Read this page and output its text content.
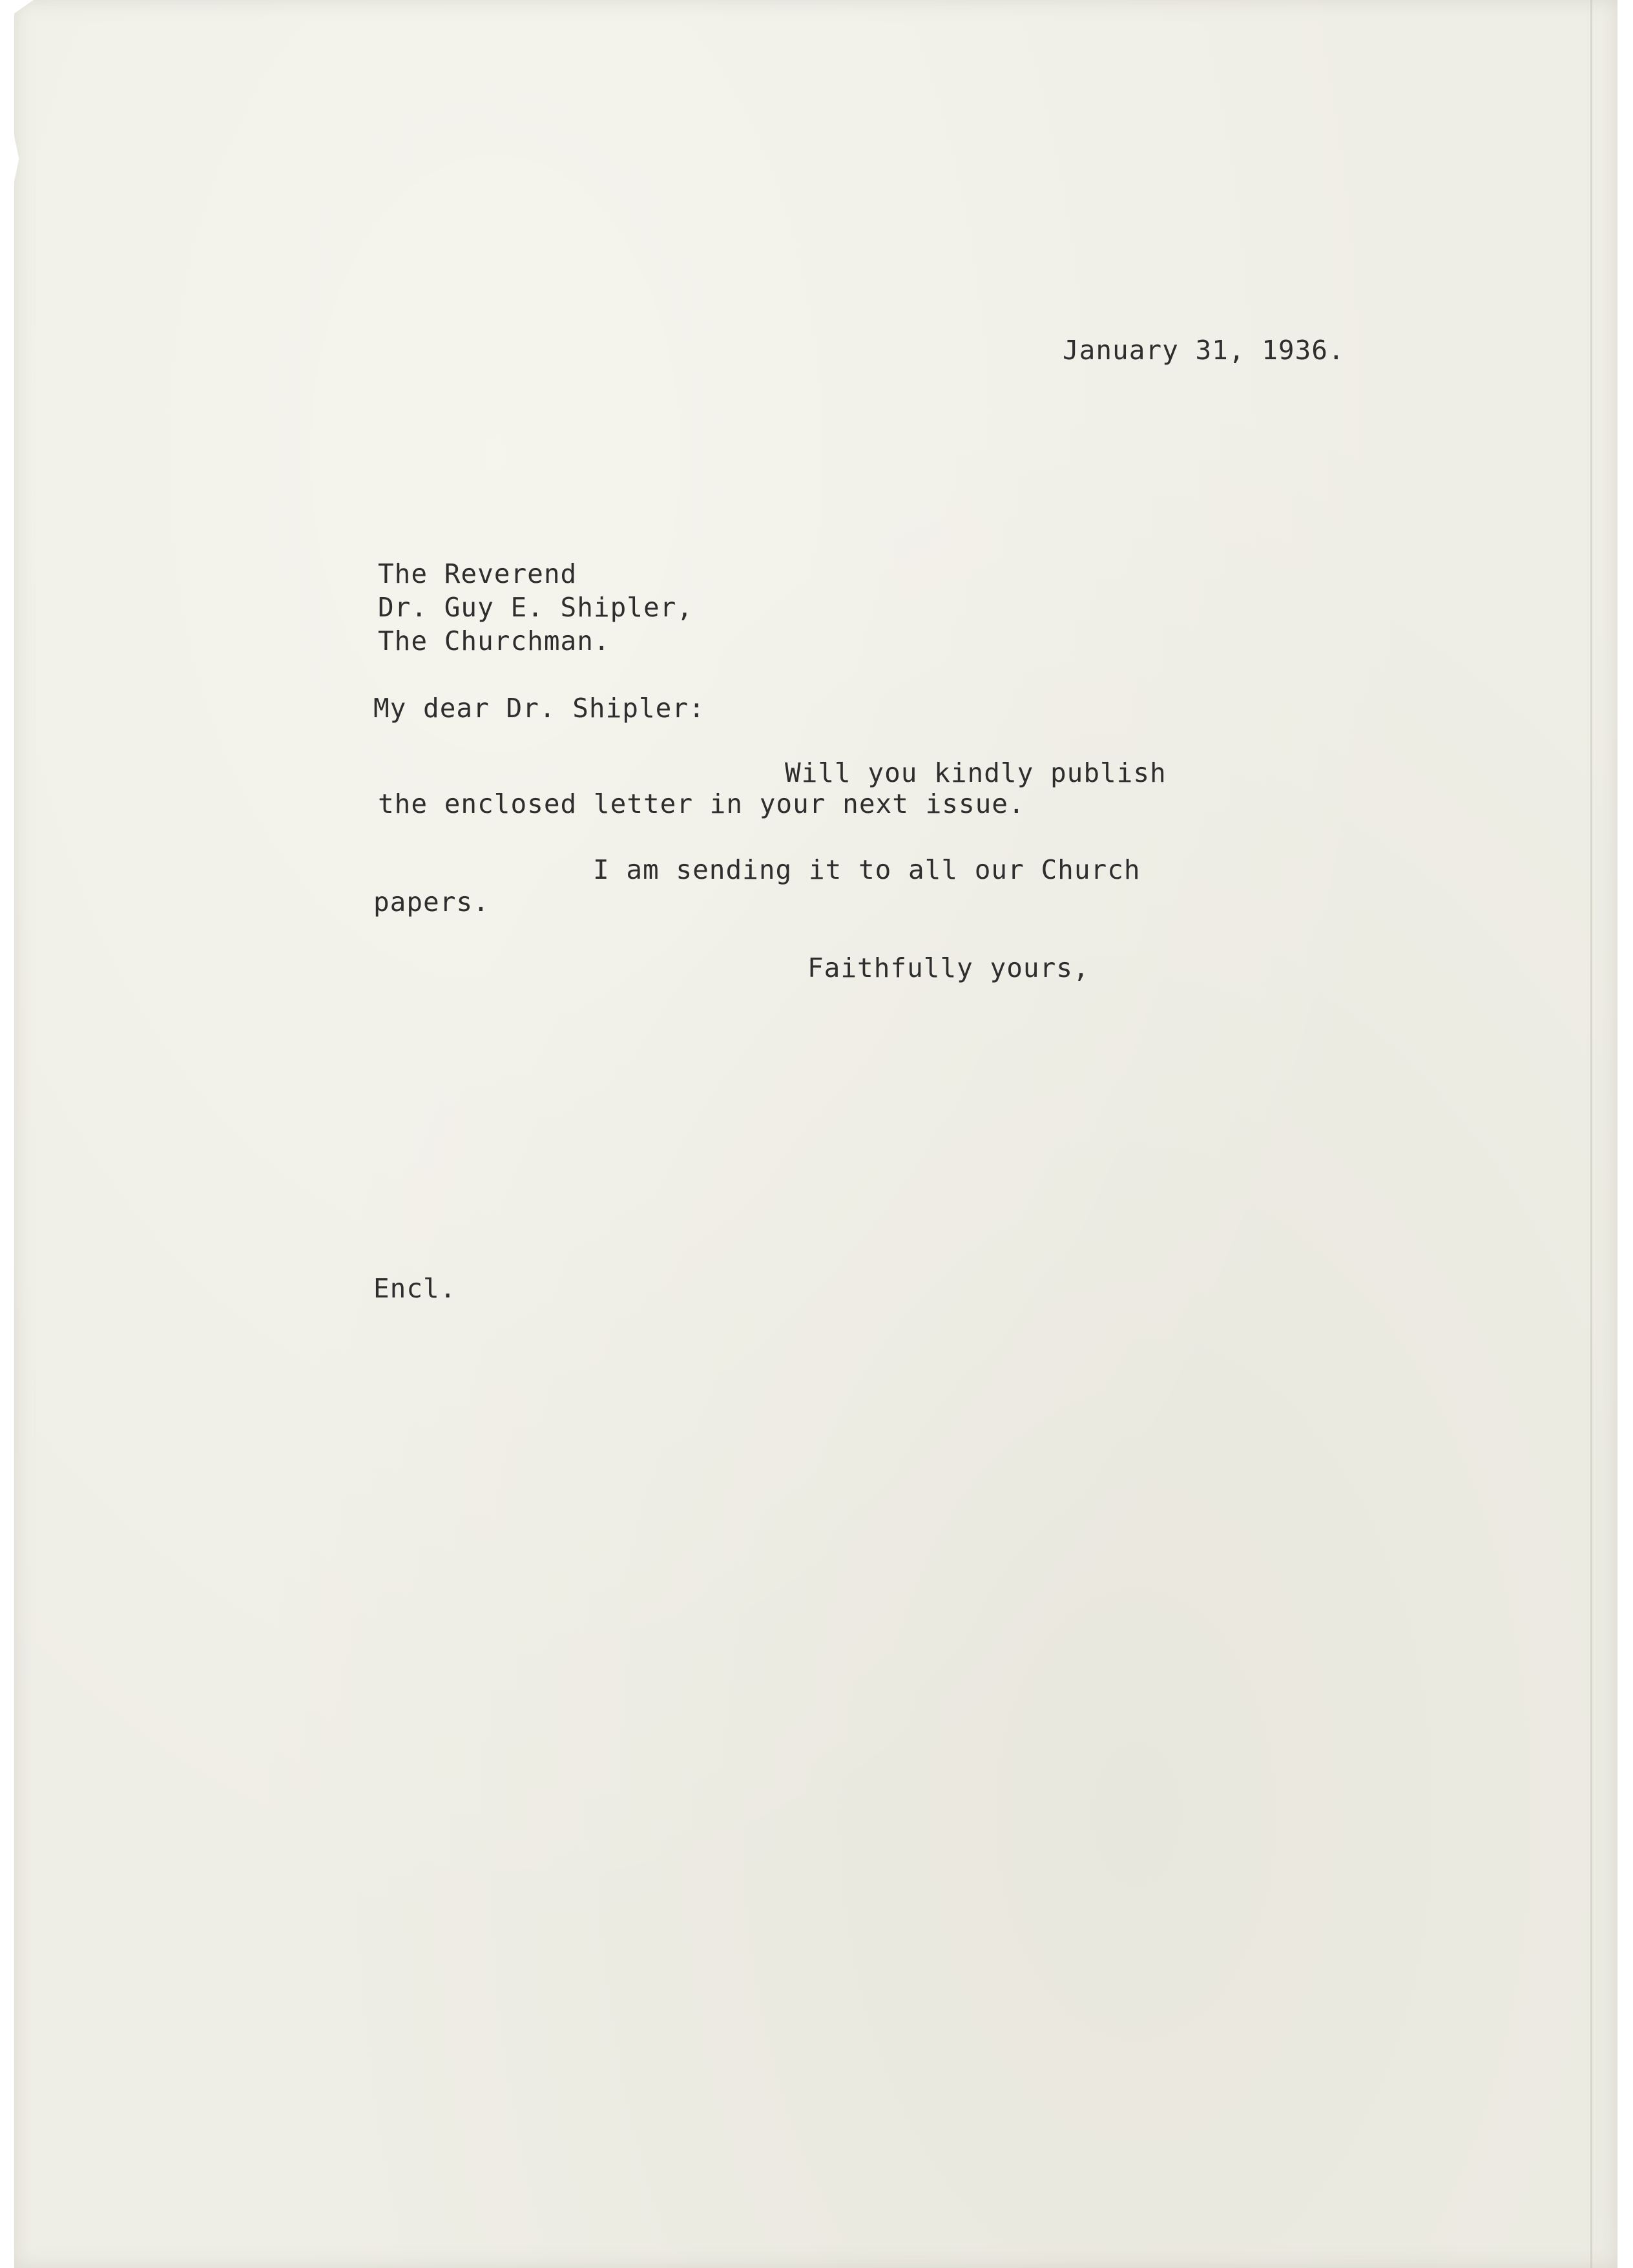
January 31, 1936.

The Reverend

Dr. Guy E. Shipler,

The Churchman.

My dear Dr. Shipler:

Will you kindly publish

the enclosed letter in your next issue.

I am sending it to all our Church

papers.

Faithfully yours,

Encl.
